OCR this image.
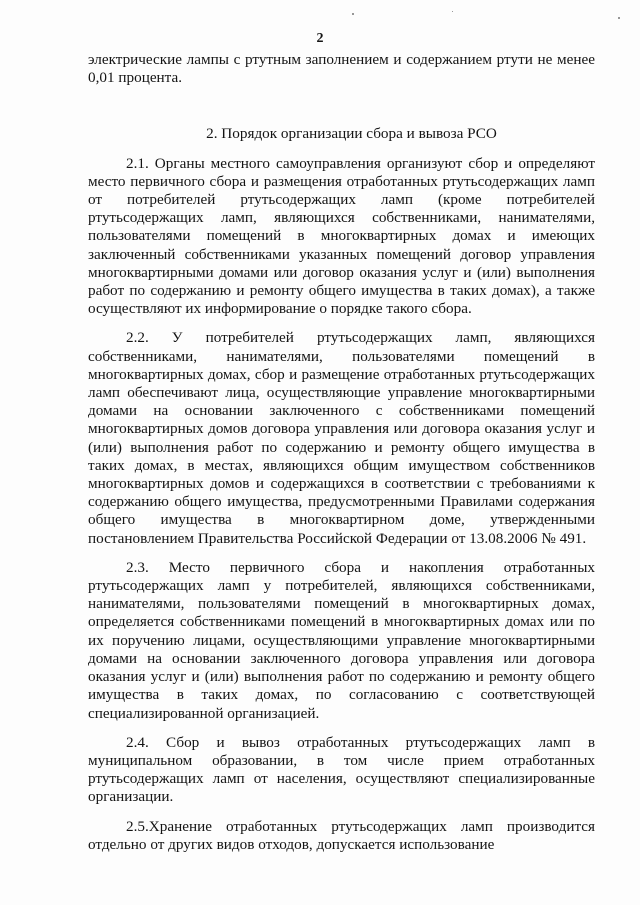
2

электрические лампы с ртутным заполнением и содержанием ртути не менее 0,01 процента.

2. Порядок организации сбора и вывоза РСО

2.1. Органы местного самоуправления организуют сбор и определяют место первичного сбора и размещения отработанных ртутьсодержащих ламп от потребителей ртутьсодержащих ламп (кроме потребителей ртутьсодержащих ламп, являющихся собственниками, нанимателями, пользователями помещений в многоквартирных домах и имеющих заключенный собственниками указанных помещений договор управления многоквартирными домами или договор оказания услуг и (или) выполнения работ по содержанию и ремонту общего имущества в таких домах), а также осуществляют их информирование о порядке такого сбора.

2.2. У потребителей ртутьсодержащих ламп, являющихся собственниками, нанимателями, пользователями помещений в многоквартирных домах, сбор и размещение отработанных ртутьсодержащих ламп обеспечивают лица, осуществляющие управление многоквартирными домами на основании заключенного с собственниками помещений многоквартирных домов договора управления или договора оказания услуг и (или) выполнения работ по содержанию и ремонту общего имущества в таких домах, в местах, являющихся общим имуществом собственников многоквартирных домов и содержащихся в соответствии с требованиями к содержанию общего имущества, предусмотренными Правилами содержания общего имущества в многоквартирном доме, утвержденными постановлением Правительства Российской Федерации от 13.08.2006 № 491.

2.3. Место первичного сбора и накопления отработанных ртутьсодержащих ламп у потребителей, являющихся собственниками, нанимателями, пользователями помещений в многоквартирных домах, определяется собственниками помещений в многоквартирных домах или по их поручению лицами, осуществляющими управление многоквартирными домами на основании заключенного договора управления или договора оказания услуг и (или) выполнения работ по содержанию и ремонту общего имущества в таких домах, по согласованию с соответствующей специализированной организацией.

2.4. Сбор и вывоз отработанных ртутьсодержащих ламп в муниципальном образовании, в том числе прием отработанных ртутьсодержащих ламп от населения, осуществляют специализированные организации.

2.5.Хранение отработанных ртутьсодержащих ламп производится отдельно от других видов отходов, допускается использование
